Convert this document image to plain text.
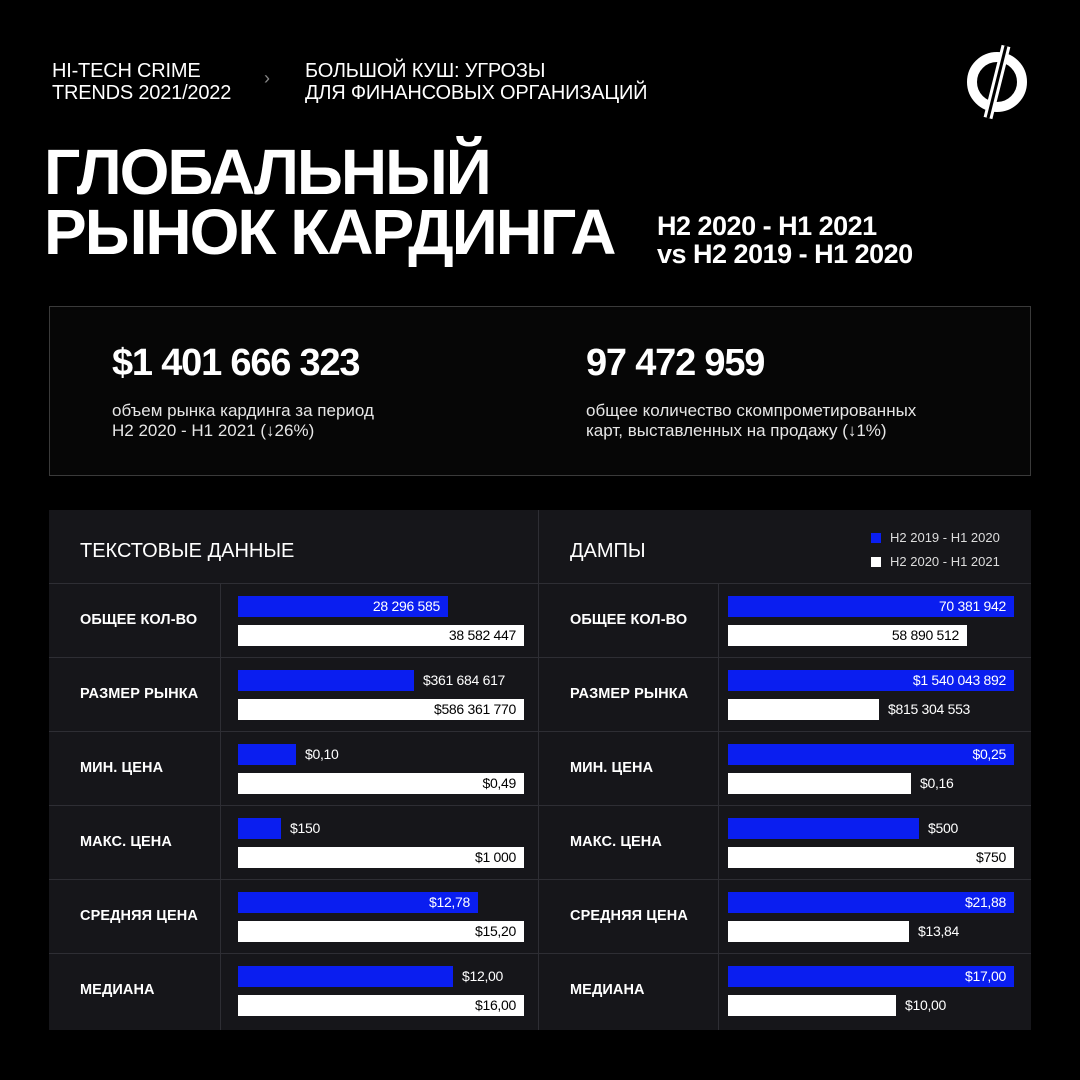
HI-TECH CRIME
TRENDS 2021/2022
› БОЛЬШОЙ КУШ: УГРОЗЫ
ДЛЯ ФИНАНСОВЫХ ОРГАНИЗАЦИЙ
ГЛОБАЛЬНЫЙ
РЫНОК КАРДИНГА H2 2020 - H1 2021
vs H2 2019 - H1 2020
$1 401 666 323
объем рынка кардинга за период
H2 2020 - H1 2021 (↓26%)
97 472 959
общее количество скомпрометированных
карт, выставленных на продажу (↓1%)
ТЕКСТОВЫЕ ДАННЫЕ	ДАМПЫ
H2 2019 - H1 2020
H2 2020 - H1 2021
ОБЩЕЕ КОЛ-ВО
28 296 585
38 582 447
РАЗМЕР РЫНКА
$361 684 617
$586 361 770
МИН. ЦЕНА
$0,10
$0,49
МАКС. ЦЕНА
$150
$1 000
СРЕДНЯЯ ЦЕНА
$12,78
$15,20
МЕДИАНА
$12,00
$16,00
ОБЩЕЕ КОЛ-ВО
70 381 942
58 890 512
РАЗМЕР РЫНКА
$1 540 043 892
$815 304 553
МИН. ЦЕНА
$0,25
$0,16
МАКС. ЦЕНА
$500
$750
СРЕДНЯЯ ЦЕНА
$21,88
$13,84
МЕДИАНА
$17,00
$10,00
